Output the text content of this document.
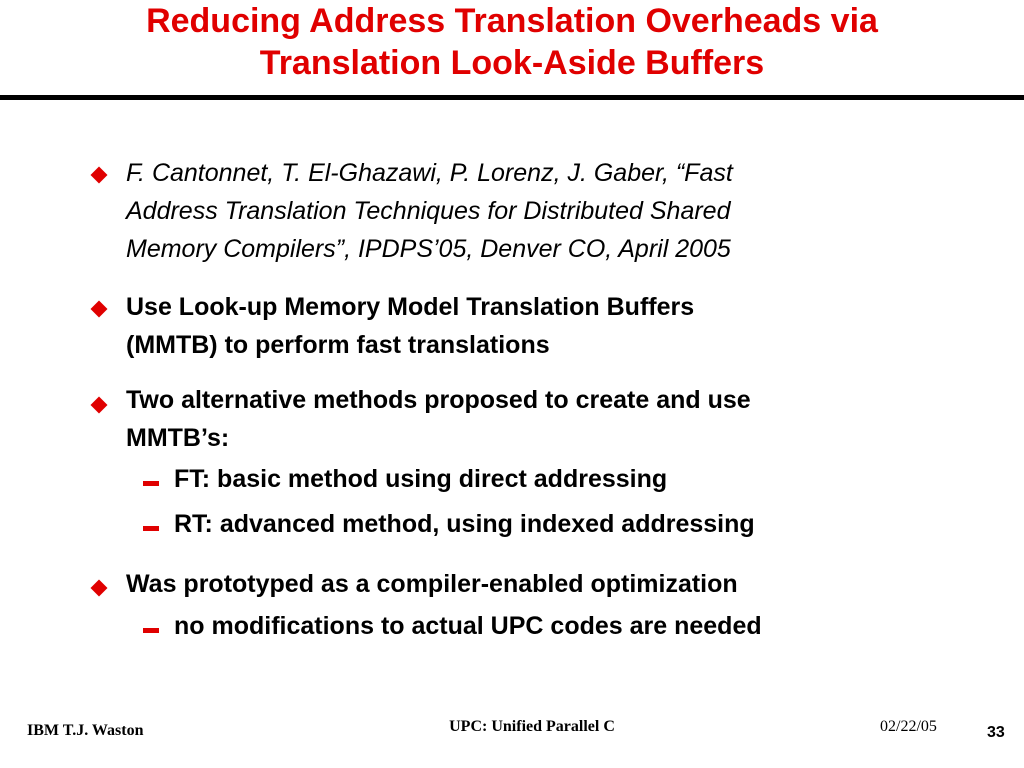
Reducing Address Translation Overheads via
Translation Look-Aside Buffers
F. Cantonnet, T. El-Ghazawi, P. Lorenz, J. Gaber, “Fast
Address Translation Techniques for Distributed Shared
Memory Compilers”, IPDPS’05, Denver CO, April 2005
Use Look-up Memory Model Translation Buffers
(MMTB) to perform fast translations
Two alternative methods proposed to create and use
MMTB’s:
FT: basic method using direct addressing
RT: advanced method, using indexed addressing
Was prototyped as a compiler-enabled optimization
no modifications to actual UPC codes are needed
IBM T.J. Waston	UPC: Unified Parallel C	02/22/05	33
